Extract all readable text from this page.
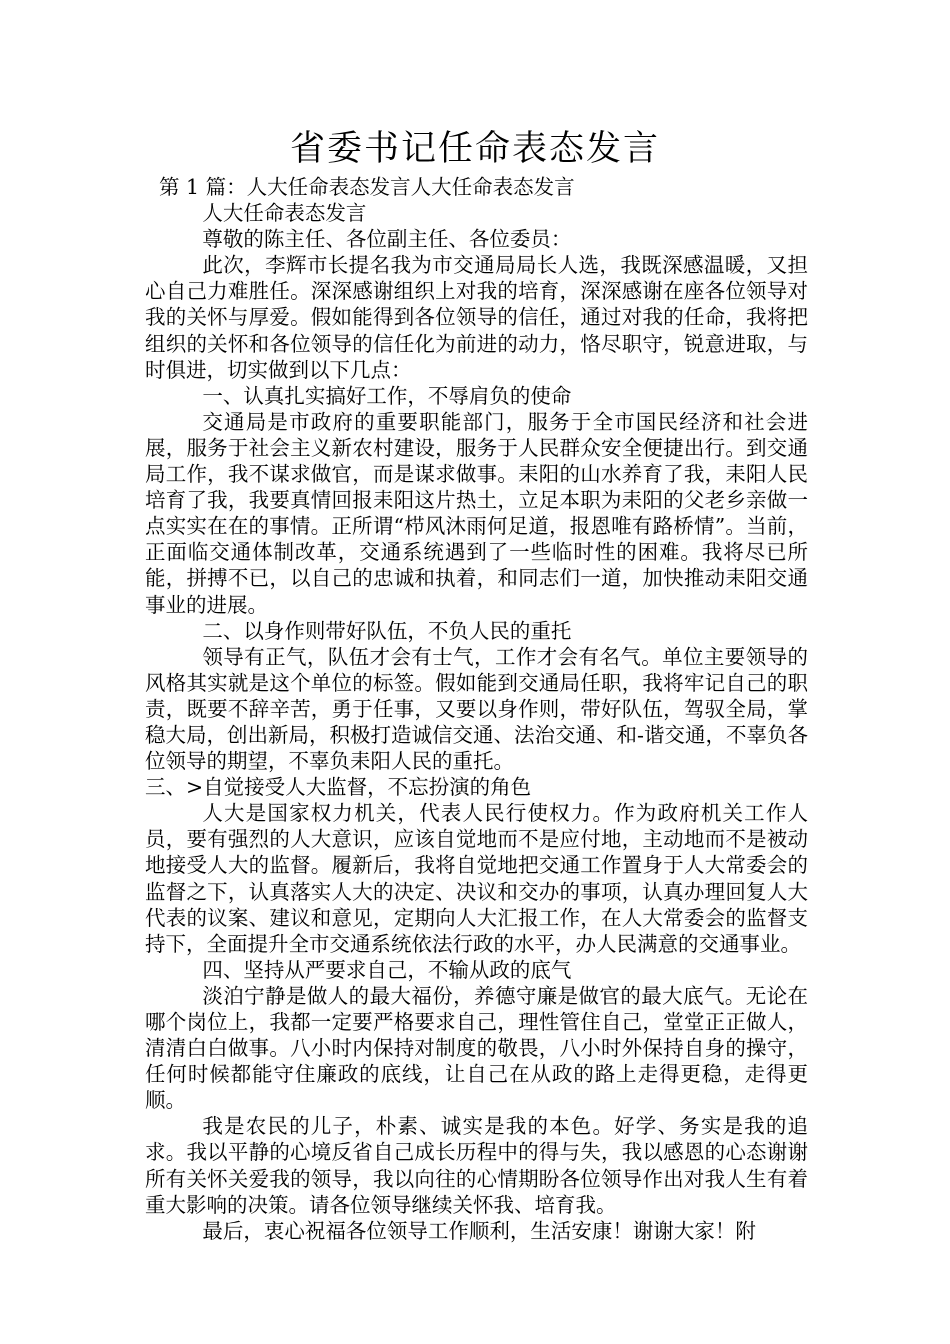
省委书记任命表态发言

第 1 篇：人大任命表态发言人大任命表态发言

人大任命表态发言

尊敬的陈主任、各位副主任、各位委员：

此次，李辉市长提名我为市交通局局长人选，我既深感温暖，又担心自己力难胜任。深深感谢组织上对我的培育，深深感谢在座各位领导对我的关怀与厚爱。假如能得到各位领导的信任，通过对我的任命，我将把组织的关怀和各位领导的信任化为前进的动力，恪尽职守，锐意进取，与时俱进，切实做到以下几点：

一、认真扎实搞好工作，不辱肩负的使命

交通局是市政府的重要职能部门，服务于全市国民经济和社会进展，服务于社会主义新农村建设，服务于人民群众安全便捷出行。到交通局工作，我不谋求做官，而是谋求做事。耒阳的山水养育了我，耒阳人民培育了我，我要真情回报耒阳这片热土，立足本职为耒阳的父老乡亲做一点实实在在的事情。正所谓“栉风沐雨何足道，报恩唯有路桥情”。当前，正面临交通体制改革，交通系统遇到了一些临时性的困难。我将尽已所能，拼搏不已，以自己的忠诚和执着，和同志们一道，加快推动耒阳交通事业的进展。

二、以身作则带好队伍，不负人民的重托

领导有正气，队伍才会有士气，工作才会有名气。单位主要领导的风格其实就是这个单位的标签。假如能到交通局任职，我将牢记自己的职责，既要不辞辛苦，勇于任事，又要以身作则，带好队伍，驾驭全局，掌稳大局，创出新局，积极打造诚信交通、法治交通、和-谐交通，不辜负各位领导的期望，不辜负耒阳人民的重托。

三、>自觉接受人大监督，不忘扮演的角色

人大是国家权力机关，代表人民行使权力。作为政府机关工作人员，要有强烈的人大意识，应该自觉地而不是应付地，主动地而不是被动地接受人大的监督。履新后，我将自觉地把交通工作置身于人大常委会的监督之下，认真落实人大的决定、决议和交办的事项，认真办理回复人大代表的议案、建议和意见，定期向人大汇报工作，在人大常委会的监督支持下，全面提升全市交通系统依法行政的水平，办人民满意的交通事业。

四、坚持从严要求自己，不输从政的底气

淡泊宁静是做人的最大福份，养德守廉是做官的最大底气。无论在哪个岗位上，我都一定要严格要求自己，理性管住自己，堂堂正正做人，清清白白做事。八小时内保持对制度的敬畏，八小时外保持自身的操守，任何时候都能守住廉政的底线，让自己在从政的路上走得更稳，走得更顺。

我是农民的儿子，朴素、诚实是我的本色。好学、务实是我的追求。我以平静的心境反省自己成长历程中的得与失，我以感恩的心态谢谢所有关怀关爱我的领导，我以向往的心情期盼各位领导作出对我人生有着重大影响的决策。请各位领导继续关怀我、培育我。

最后，衷心祝福各位领导工作顺利，生活安康！谢谢大家！附
